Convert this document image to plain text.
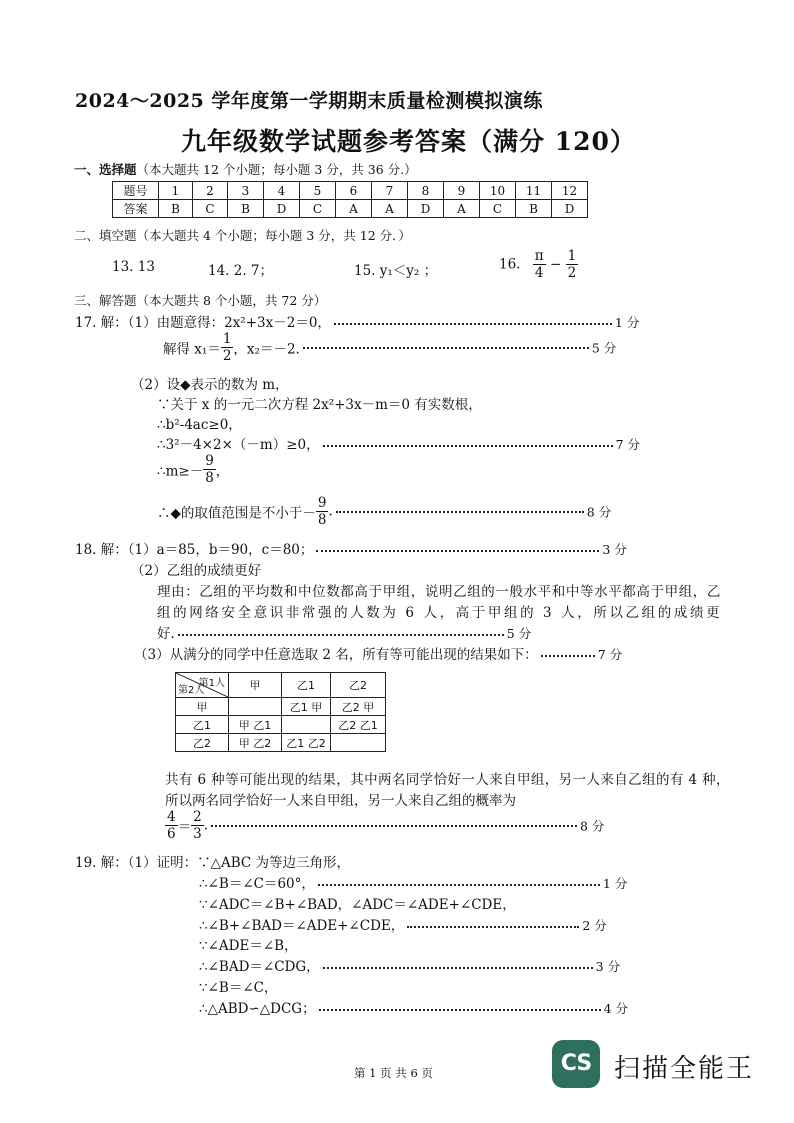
2024～2025 学年度第一学期期末质量检测模拟演练
九年级数学试题参考答案（满分 120）
一、选择题（本大题共 12 个小题；每小题 3 分，共 36 分.）
题号	1	2	3	4	5	6	7	8	9	10	11	12
答案	B	C	B	D	C	A	A	D	A	C	B	D
二、填空题（本大题共 4 个小题；每小题 3 分，共 12 分．）
13. 13	14. 2. 7；	15. y₁＜y₂ ；	16. $\frac{\pi}{4} - \frac{1}{2}$
三、解答题（本大题共 8 个小题，共 72 分）
17. 解：（1）由题意得：2x²+3x－2＝0，	1 分
解得 $x_1= \frac{1}{2}$ ，x₂＝－2.	5 分
（2）设◆表示的数为 m，
∵关于 x 的一元二次方程 2x²+3x－m＝0 有实数根，
∴b²-4ac≥0，
∴3²－4×2×（－m）≥0，	7 分
∴m≥－ $\frac{9}{8}$ ，
∴◆的取值范围是不小于－ $\frac{9}{8}$ .	8 分
18. 解：（1）a＝85，b＝90，c＝80；	3 分
（2）乙组的成绩更好
理由：乙组的平均数和中位数都高于甲组，说明乙组的一般水平和中等水平都高于甲组，乙
组的网络安全意识非常强的人数为 6 人，高于甲组的 3 人，所以乙组的成绩更
好.	5 分
（3）从满分的同学中任意选取 2 名，所有等可能出现的结果如下：	7 分
第1人
第2人	甲	乙1	乙2
甲		乙1 甲	乙2 甲
乙1	甲 乙1		乙2 乙1
乙2	甲 乙2	乙1 乙2	
共有 6 种等可能出现的结果，其中两名同学恰好一人来自甲组，另一人来自乙组的有 4 种，
所以两名同学恰好一人来自甲组，另一人来自乙组的概率为
$\frac{4}{6} = \frac{2}{3}$ .	8 分
19. 解：（1）证明：∵△ABC 为等边三角形，
∴∠B＝∠C＝60°，	1 分
∵∠ADC＝∠B+∠BAD，∠ADC＝∠ADE+∠CDE，
∴∠B+∠BAD＝∠ADE+∠CDE，	2 分
∵∠ADE＝∠B，
∴∠BAD＝∠CDG，	3 分
∵∠B＝∠C，
∴△ABD∽△DCG；	4 分
第 1 页 共 6 页	CS 扫描全能王
